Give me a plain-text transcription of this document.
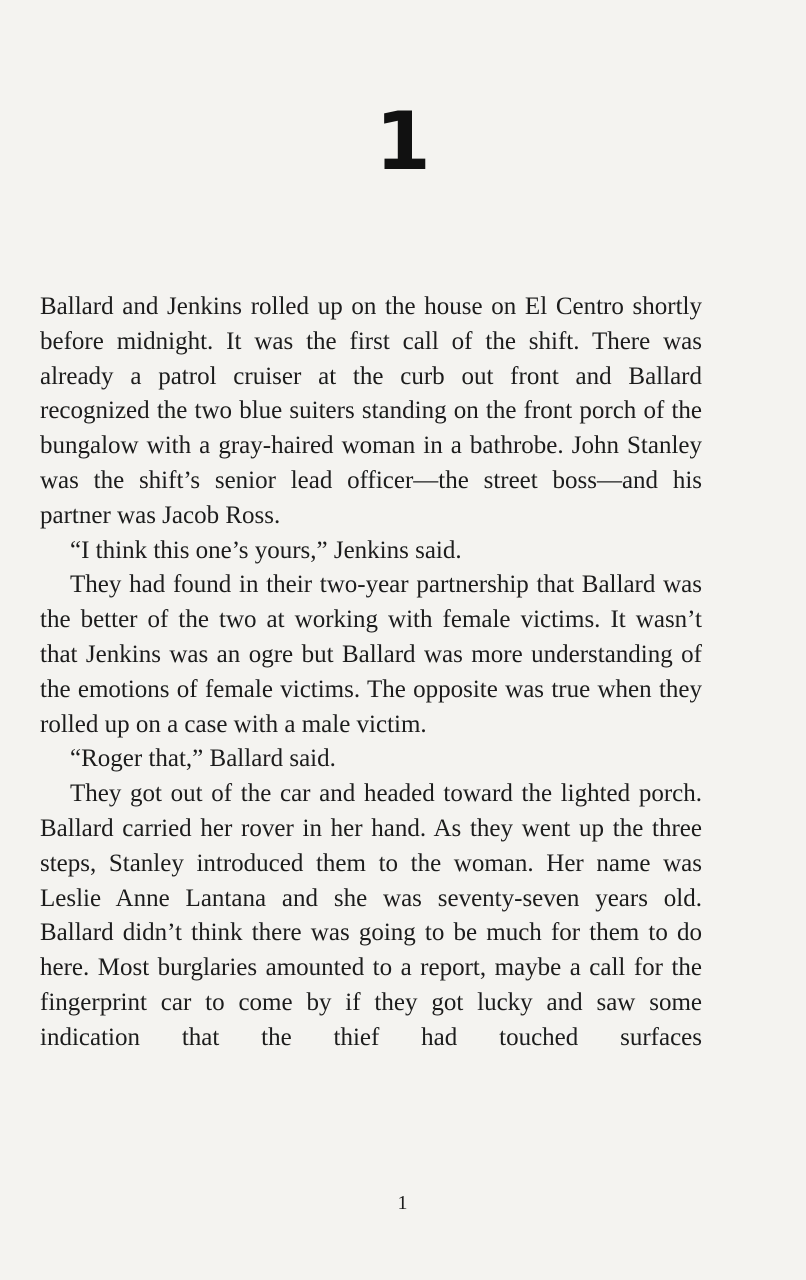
1

Ballard and Jenkins rolled up on the house on El Centro shortly before midnight. It was the first call of the shift. There was already a patrol cruiser at the curb out front and Ballard recognized the two blue suiters standing on the front porch of the bungalow with a gray-haired woman in a bathrobe. John Stanley was the shift’s senior lead officer—the street boss—and his partner was Jacob Ross.

“I think this one’s yours,” Jenkins said.

They had found in their two-year partnership that Ballard was the better of the two at working with female victims. It wasn’t that Jenkins was an ogre but Ballard was more understanding of the emotions of female victims. The opposite was true when they rolled up on a case with a male victim.

“Roger that,” Ballard said.

They got out of the car and headed toward the lighted porch. Ballard carried her rover in her hand. As they went up the three steps, Stanley introduced them to the woman. Her name was Leslie Anne Lantana and she was seventy-seven years old. Ballard didn’t think there was going to be much for them to do here. Most burglaries amounted to a report, maybe a call for the fingerprint car to come by if they got lucky and saw some indication that the thief had touched surfaces

1
